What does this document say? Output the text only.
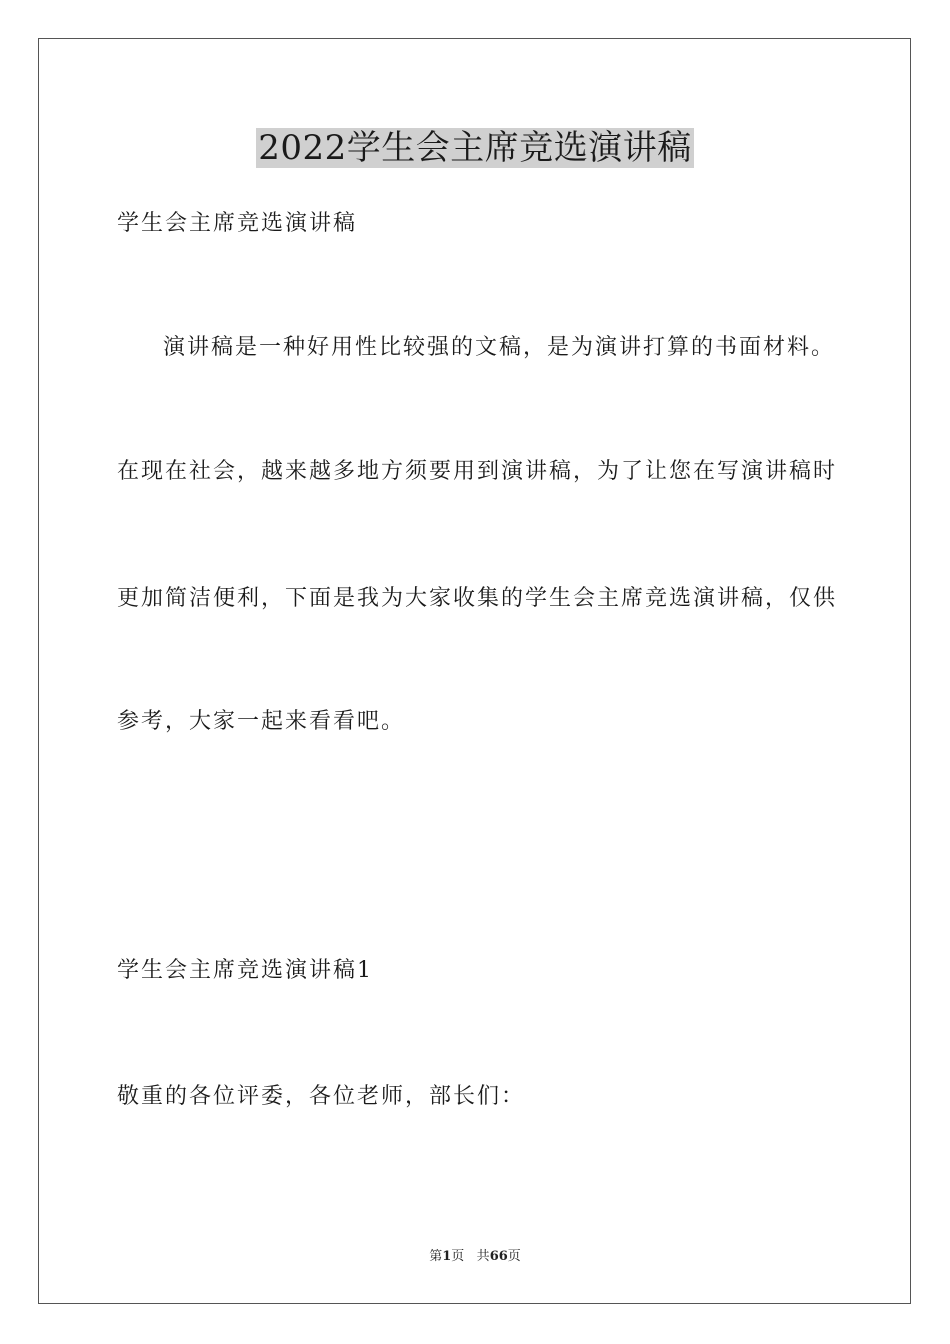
2022学生会主席竞选演讲稿

学生会主席竞选演讲稿

演讲稿是一种好用性比较强的文稿，是为演讲打算的书面材料。

在现在社会，越来越多地方须要用到演讲稿，为了让您在写演讲稿时

更加简洁便利，下面是我为大家收集的学生会主席竞选演讲稿，仅供

参考，大家一起来看看吧。

学生会主席竞选演讲稿1

敬重的各位评委，各位老师，部长们：

第1页 共66页
